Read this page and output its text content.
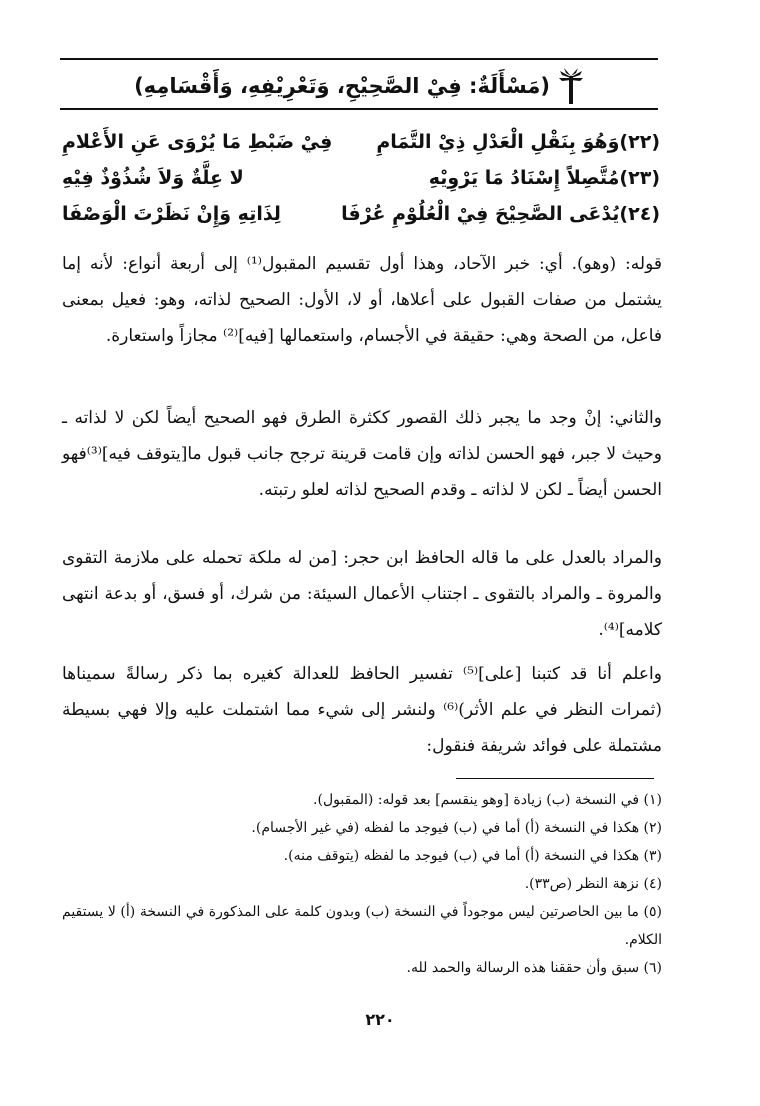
(مَسْأَلَةٌ: فِيْ الصَّحِيْحِ، وَتَعْرِيْفِهِ، وَأَقْسَامِهِ)
(٢٢)وَهُوَ بِنَقْلِ الْعَدْلِ ذِيْ التَّمَامِ
فِيْ ضَبْطِ مَا يُرْوَى عَنِ الأَعْلامِ
(٢٣)مُتَّصِلاً إِسْنَادُ مَا يَرْوِيْهِ
لا عِلَّةٌ وَلاَ شُذُوْذٌ فِيْهِ
(٢٤)يُدْعَى الصَّحِيْحَ فِيْ الْعُلُوْمِ عُرْفَا
لِذَاتِهِ وَإِنْ نَظَرْتَ الْوَصْفَا

قوله: (وهو). أي: خبر الآحاد، وهذا أول تقسيم المقبول⁽¹⁾ إلى أربعة أنواع: لأنه إما يشتمل من صفات القبول على أعلاها، أو لا، الأول: الصحيح لذاته، وهو: فعيل بمعنى فاعل، من الصحة وهي: حقيقة في الأجسام، واستعمالها [فيه]⁽²⁾ مجازاً واستعارة.

والثاني: إنْ وجد ما يجبر ذلك القصور ككثرة الطرق فهو الصحيح أيضاً لكن لا لذاته ـ وحيث لا جبر، فهو الحسن لذاته وإن قامت قرينة ترجح جانب قبول ما[يتوقف فيه]⁽³⁾فهو الحسن أيضاً ـ لكن لا لذاته ـ وقدم الصحيح لذاته لعلو رتبته.

والمراد بالعدل على ما قاله الحافظ ابن حجر: [من له ملكة تحمله على ملازمة التقوى والمروة ـ والمراد بالتقوى ـ اجتناب الأعمال السيئة: من شرك، أو فسق، أو بدعة انتهى كلامه]⁽⁴⁾.

واعلم أنا قد كتبنا [على]⁽⁵⁾ تفسير الحافظ للعدالة كغيره بما ذكر رسالةً سميناها (ثمرات النظر في علم الأثر)⁽⁶⁾ ولنشر إلى شيء مما اشتملت عليه وإلا فهي بسيطة مشتملة على فوائد شريفة فنقول:

(١) في النسخة (ب) زيادة [وهو ينقسم] بعد قوله: (المقبول).
(٢) هكذا في النسخة (أ) أما في (ب) فيوجد ما لفظه (في غير الأجسام).
(٣) هكذا في النسخة (أ) أما في (ب) فيوجد ما لفظه (يتوقف منه).
(٤) نزهة النظر (ص٣٣).
(٥) ما بين الحاصرتين ليس موجوداً في النسخة (ب) وبدون كلمة على المذكورة في النسخة (أ) لا يستقيم الكلام.
(٦) سبق وأن حققنا هذه الرسالة والحمد لله.
٢٢٠
